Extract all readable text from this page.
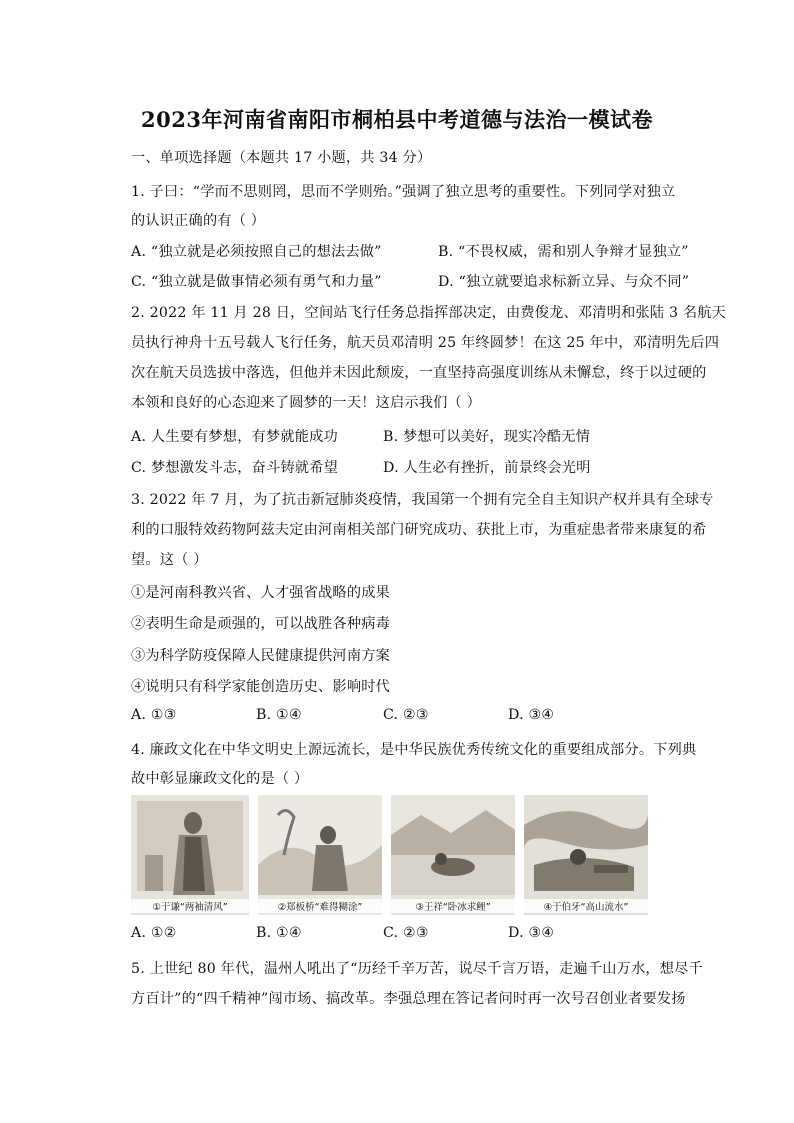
2023年河南省南阳市桐柏县中考道德与法治一模试卷
一、单项选择题（本题共 17 小题，共 34 分）
1. 子曰：“学而不思则罔，思而不学则殆。”强调了独立思考的重要性。下列同学对独立
的认识正确的有（ ）
A. “独立就是必须按照自己的想法去做”	B. “不畏权威，需和别人争辩才显独立”
C. “独立就是做事情必须有勇气和力量”	D. “独立就要追求标新立异、与众不同”
2. 2022 年 11 月 28 日，空间站飞行任务总指挥部决定，由费俊龙、邓清明和张陆 3 名航天
员执行神舟十五号载人飞行任务，航天员邓清明 25 年终圆梦！在这 25 年中，邓清明先后四
次在航天员选拔中落选，但他并未因此颓废，一直坚持高强度训练从未懈怠，终于以过硬的
本领和良好的心态迎来了圆梦的一天！这启示我们（ ）
A. 人生要有梦想，有梦就能成功	B. 梦想可以美好，现实冷酷无情
C. 梦想激发斗志，奋斗铸就希望	D. 人生必有挫折，前景终会光明
3. 2022 年 7 月，为了抗击新冠肺炎疫情，我国第一个拥有完全自主知识产权并具有全球专
利的口服特效药物阿兹夫定由河南相关部门研究成功、获批上市，为重症患者带来康复的希
望。这（ ）
①是河南科教兴省、人才强省战略的成果
②表明生命是顽强的，可以战胜各种病毒
③为科学防疫保障人民健康提供河南方案
④说明只有科学家能创造历史、影响时代
A. ①③	B. ①④	C. ②③	D. ③④
4. 廉政文化在中华文明史上源远流长，是中华民族优秀传统文化的重要组成部分。下列典
故中彰显廉政文化的是（ ）
①于谦“两袖清风”	②郑板桥“难得糊涂”	③王祥“卧冰求鲤”	④于伯牙“高山流水”
A. ①②	B. ①④	C. ②③	D. ③④
5. 上世纪 80 年代，温州人吼出了“历经千辛万苦，说尽千言万语，走遍千山万水，想尽千
方百计”的“四千精神”闯市场、搞改革。李强总理在答记者问时再一次号召创业者要发扬
